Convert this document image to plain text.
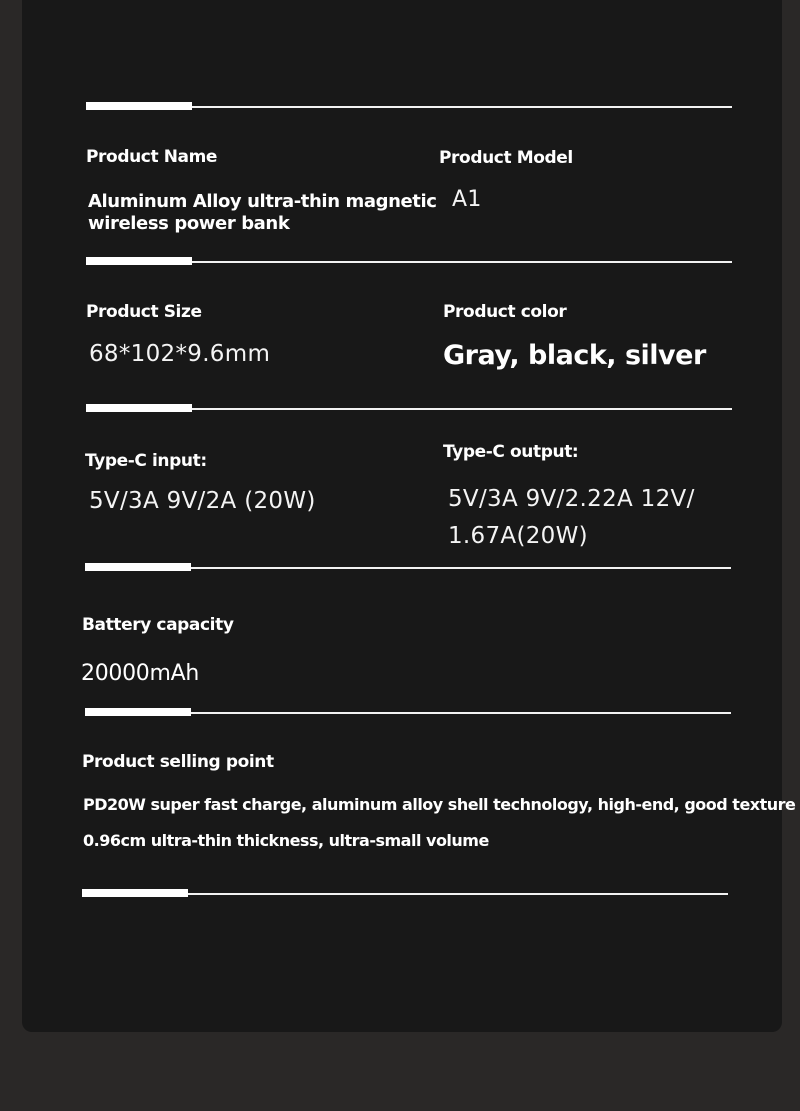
Product Name
Aluminum Alloy ultra-thin magnetic
wireless power bank
Product Model
A1
Product Size
68*102*9.6mm
Product color
Gray, black, silver
Type-C input:
5V/3A 9V/2A (20W)
Type-C output:
5V/3A 9V/2.22A 12V/
1.67A(20W)
Battery capacity
20000mAh
Product selling point
PD20W super fast charge, aluminum alloy shell technology, high-end, good texture
0.96cm ultra-thin thickness, ultra-small volume
